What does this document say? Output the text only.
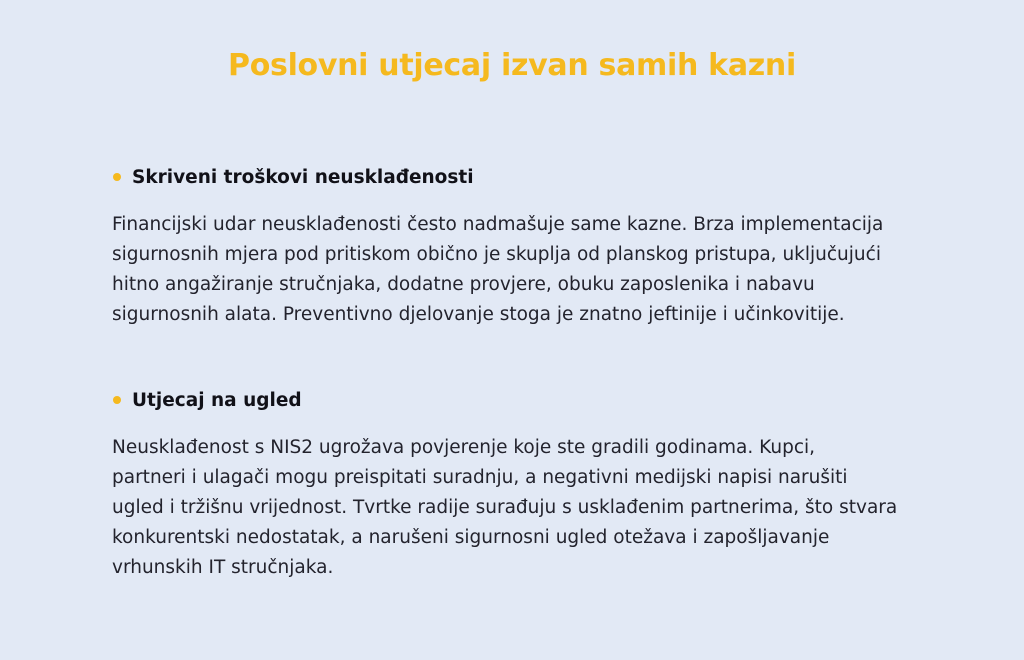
Poslovni utjecaj izvan samih kazni
Skriveni troškovi neusklađenosti

Financijski udar neusklađenosti često nadmašuje same kazne. Brza implementacija
sigurnosnih mjera pod pritiskom obično je skuplja od planskog pristupa, uključujući
hitno angažiranje stručnjaka, dodatne provjere, obuku zaposlenika i nabavu
sigurnosnih alata. Preventivno djelovanje stoga je znatno jeftinije i učinkovitije.

Utjecaj na ugled

Neusklađenost s NIS2 ugrožava povjerenje koje ste gradili godinama. Kupci,
partneri i ulagači mogu preispitati suradnju, a negativni medijski napisi narušiti
ugled i tržišnu vrijednost. Tvrtke radije surađuju s usklađenim partnerima, što stvara
konkurentski nedostatak, a narušeni sigurnosni ugled otežava i zapošljavanje
vrhunskih IT stručnjaka.
